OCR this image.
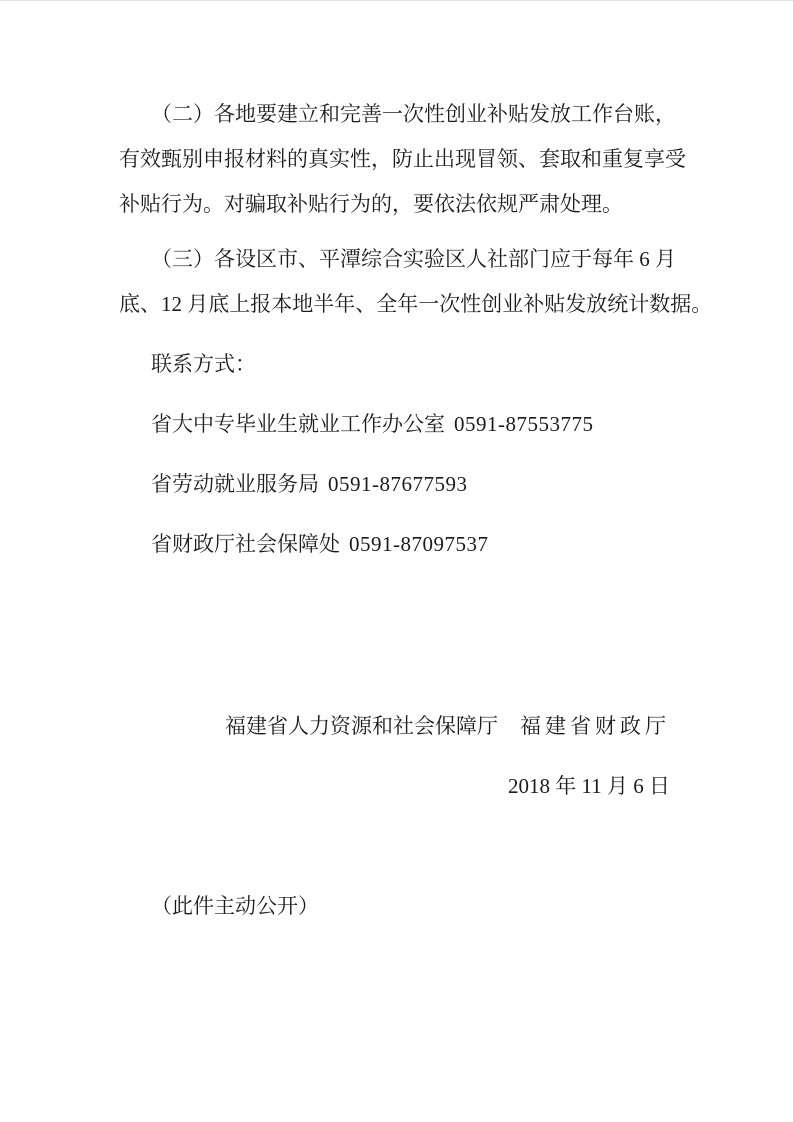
（二）各地要建立和完善一次性创业补贴发放工作台账，
有效甄别申报材料的真实性，防止出现冒领、套取和重复享受
补贴行为。对骗取补贴行为的，要依法依规严肃处理。
（三）各设区市、平潭综合实验区人社部门应于每年 6 月
底、12 月底上报本地半年、全年一次性创业补贴发放统计数据。
联系方式：
省大中专毕业生就业工作办公室 0591-87553775
省劳动就业服务局 0591-87677593
省财政厅社会保障处 0591-87097537
福建省人力资源和社会保障厅 福建省财政厅
2018 年 11 月 6 日
（此件主动公开）
